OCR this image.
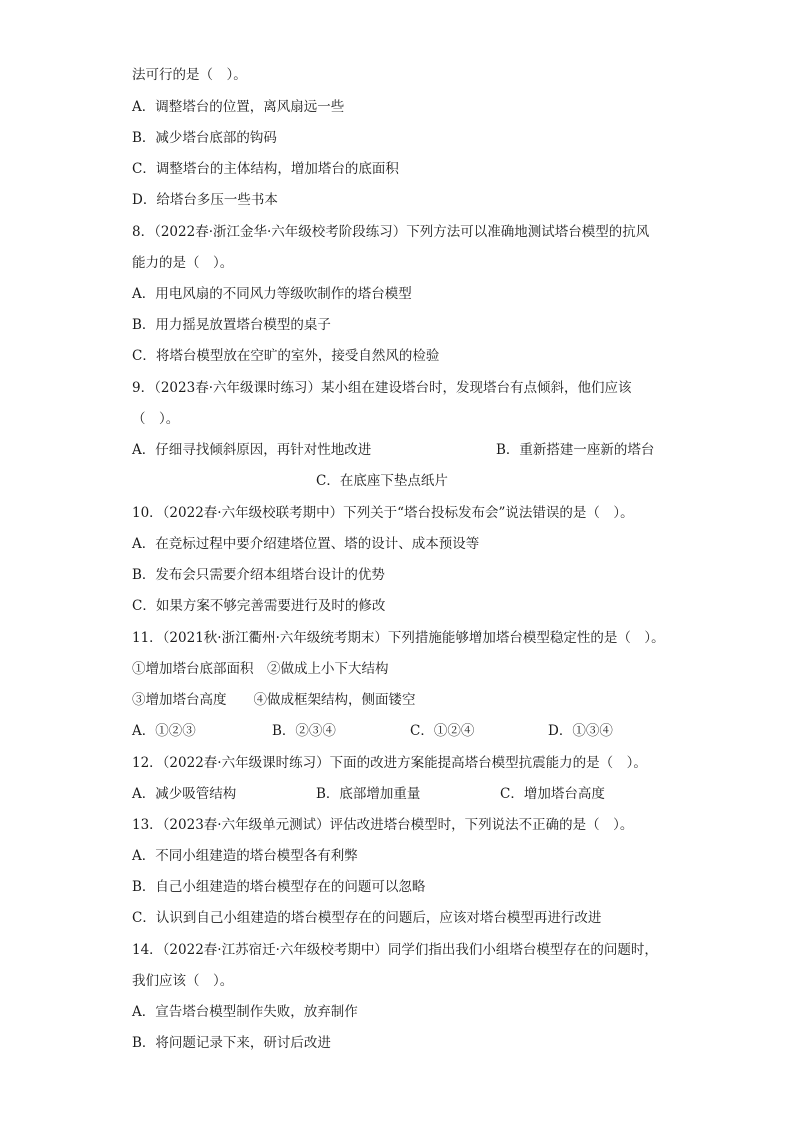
法可行的是（　）。
A．调整塔台的位置，离风扇远一些
B．减少塔台底部的钩码
C．调整塔台的主体结构，增加塔台的底面积
D．给塔台多压一些书本
8．（2022春·浙江金华·六年级校考阶段练习）下列方法可以准确地测试塔台模型的抗风
能力的是（　）。
A．用电风扇的不同风力等级吹制作的塔台模型
B．用力摇晃放置塔台模型的桌子
C．将塔台模型放在空旷的室外，接受自然风的检验
9．（2023春·六年级课时练习）某小组在建设塔台时，发现塔台有点倾斜，他们应该
（　）。
A．仔细寻找倾斜原因，再针对性地改进	B．重新搭建一座新的塔台
C．在底座下垫点纸片
10．（2022春·六年级校联考期中）下列关于“塔台投标发布会”说法错误的是（　）。
A．在竞标过程中要介绍建塔位置、塔的设计、成本预设等
B．发布会只需要介绍本组塔台设计的优势
C．如果方案不够完善需要进行及时的修改
11．（2021秋·浙江衢州·六年级统考期末）下列措施能够增加塔台模型稳定性的是（　）。
①增加塔台底部面积　②做成上小下大结构
③增加塔台高度　　④做成框架结构，侧面镂空
A．①②③	B．②③④	C．①②④	D．①③④
12．（2022春·六年级课时练习）下面的改进方案能提高塔台模型抗震能力的是（　）。
A．减少吸管结构	B．底部增加重量	C．增加塔台高度
13．（2023春·六年级单元测试）评估改进塔台模型时，下列说法不正确的是（　）。
A．不同小组建造的塔台模型各有利弊
B．自己小组建造的塔台模型存在的问题可以忽略
C．认识到自己小组建造的塔台模型存在的问题后，应该对塔台模型再进行改进
14．（2022春·江苏宿迁·六年级校考期中）同学们指出我们小组塔台模型存在的问题时，
我们应该（　）。
A．宣告塔台模型制作失败，放弃制作
B．将问题记录下来，研讨后改进
